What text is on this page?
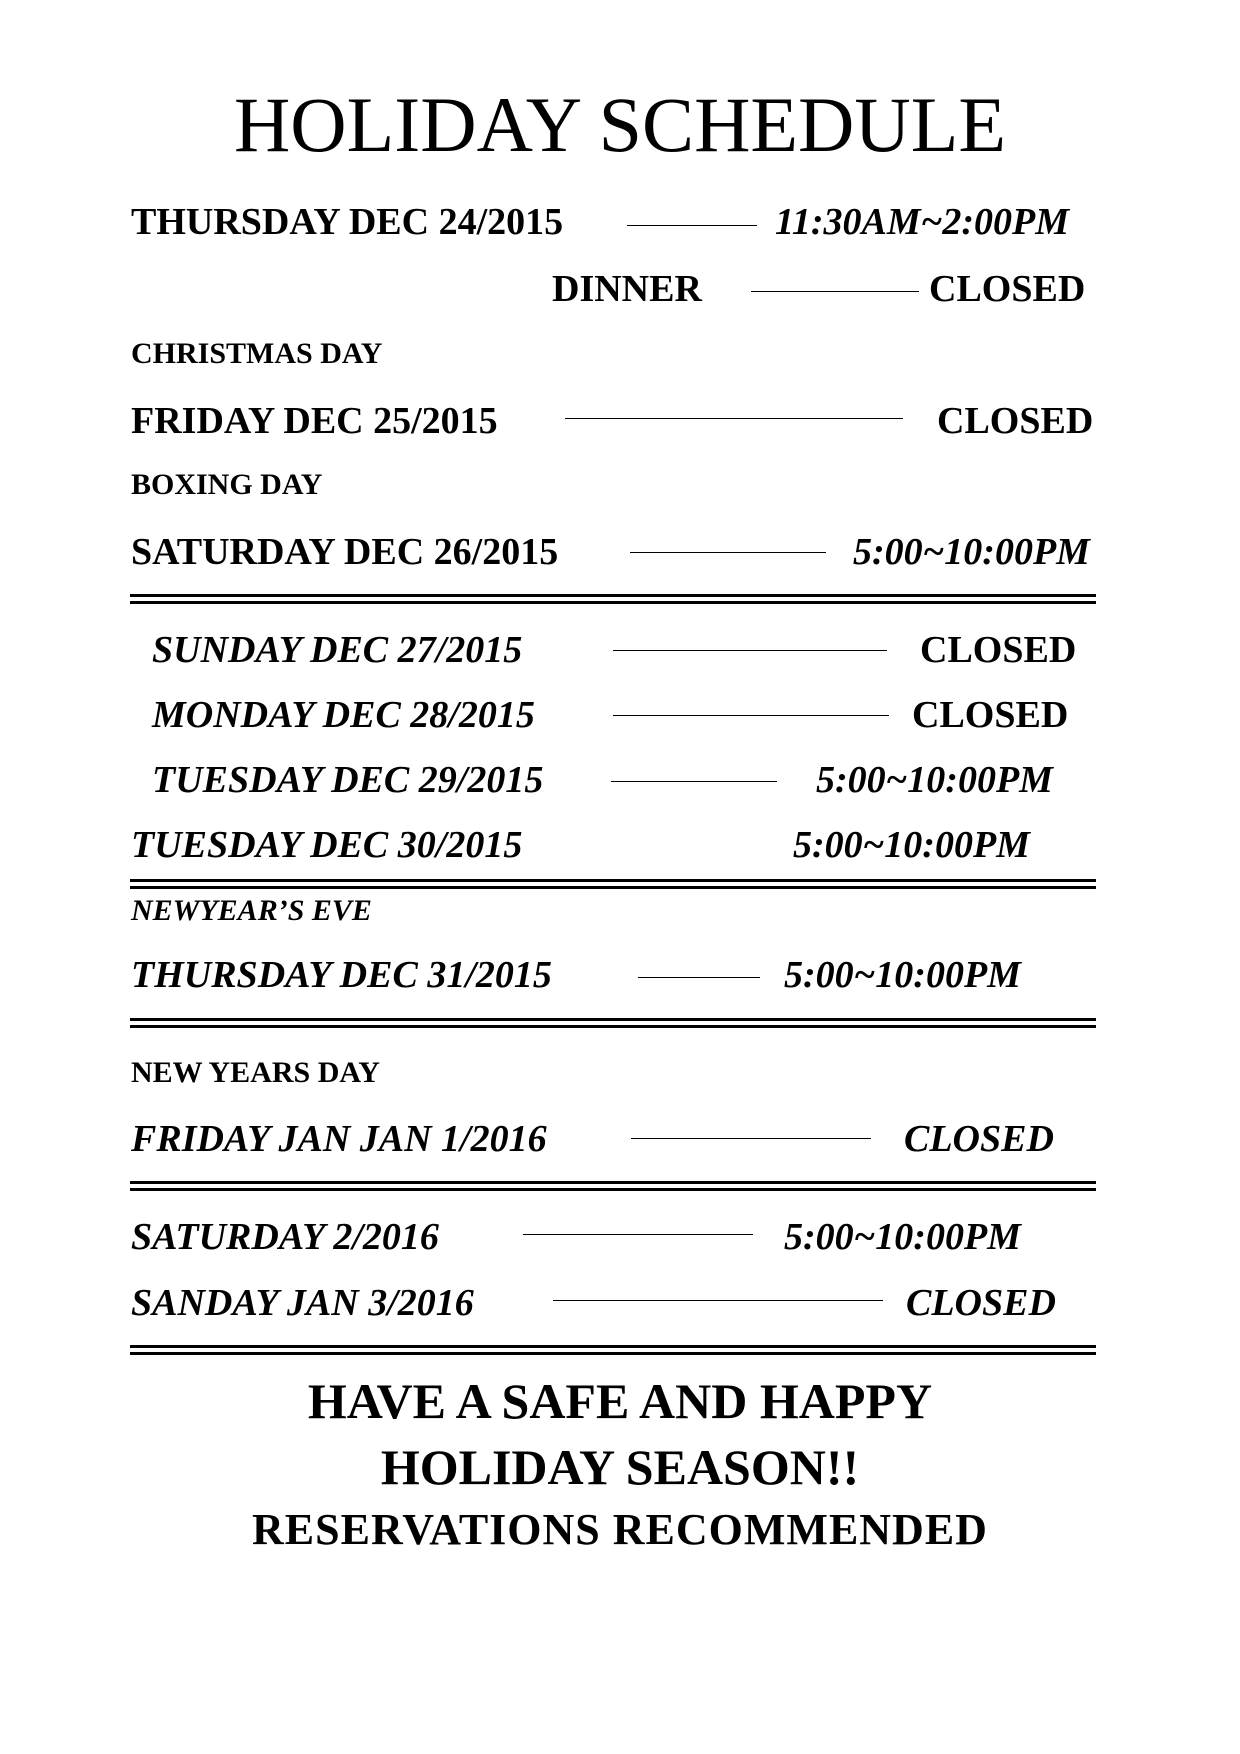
HOLIDAY SCHEDULE
THURSDAY DEC 24/2015	11:30AM~2:00PM
DINNER	CLOSED
CHRISTMAS DAY
FRIDAY DEC 25/2015	CLOSED
BOXING DAY
SATURDAY DEC 26/2015	5:00~10:00PM
SUNDAY DEC 27/2015	CLOSED
MONDAY DEC 28/2015	CLOSED
TUESDAY DEC 29/2015	5:00~10:00PM
TUESDAY DEC 30/2015	5:00~10:00PM
NEWYEAR’S EVE
THURSDAY DEC 31/2015	5:00~10:00PM
NEW YEARS DAY
FRIDAY JAN JAN 1/2016	CLOSED
SATURDAY 2/2016	5:00~10:00PM
SANDAY JAN 3/2016	CLOSED
HAVE A SAFE AND HAPPY
HOLIDAY SEASON!!
RESERVATIONS RECOMMENDED
